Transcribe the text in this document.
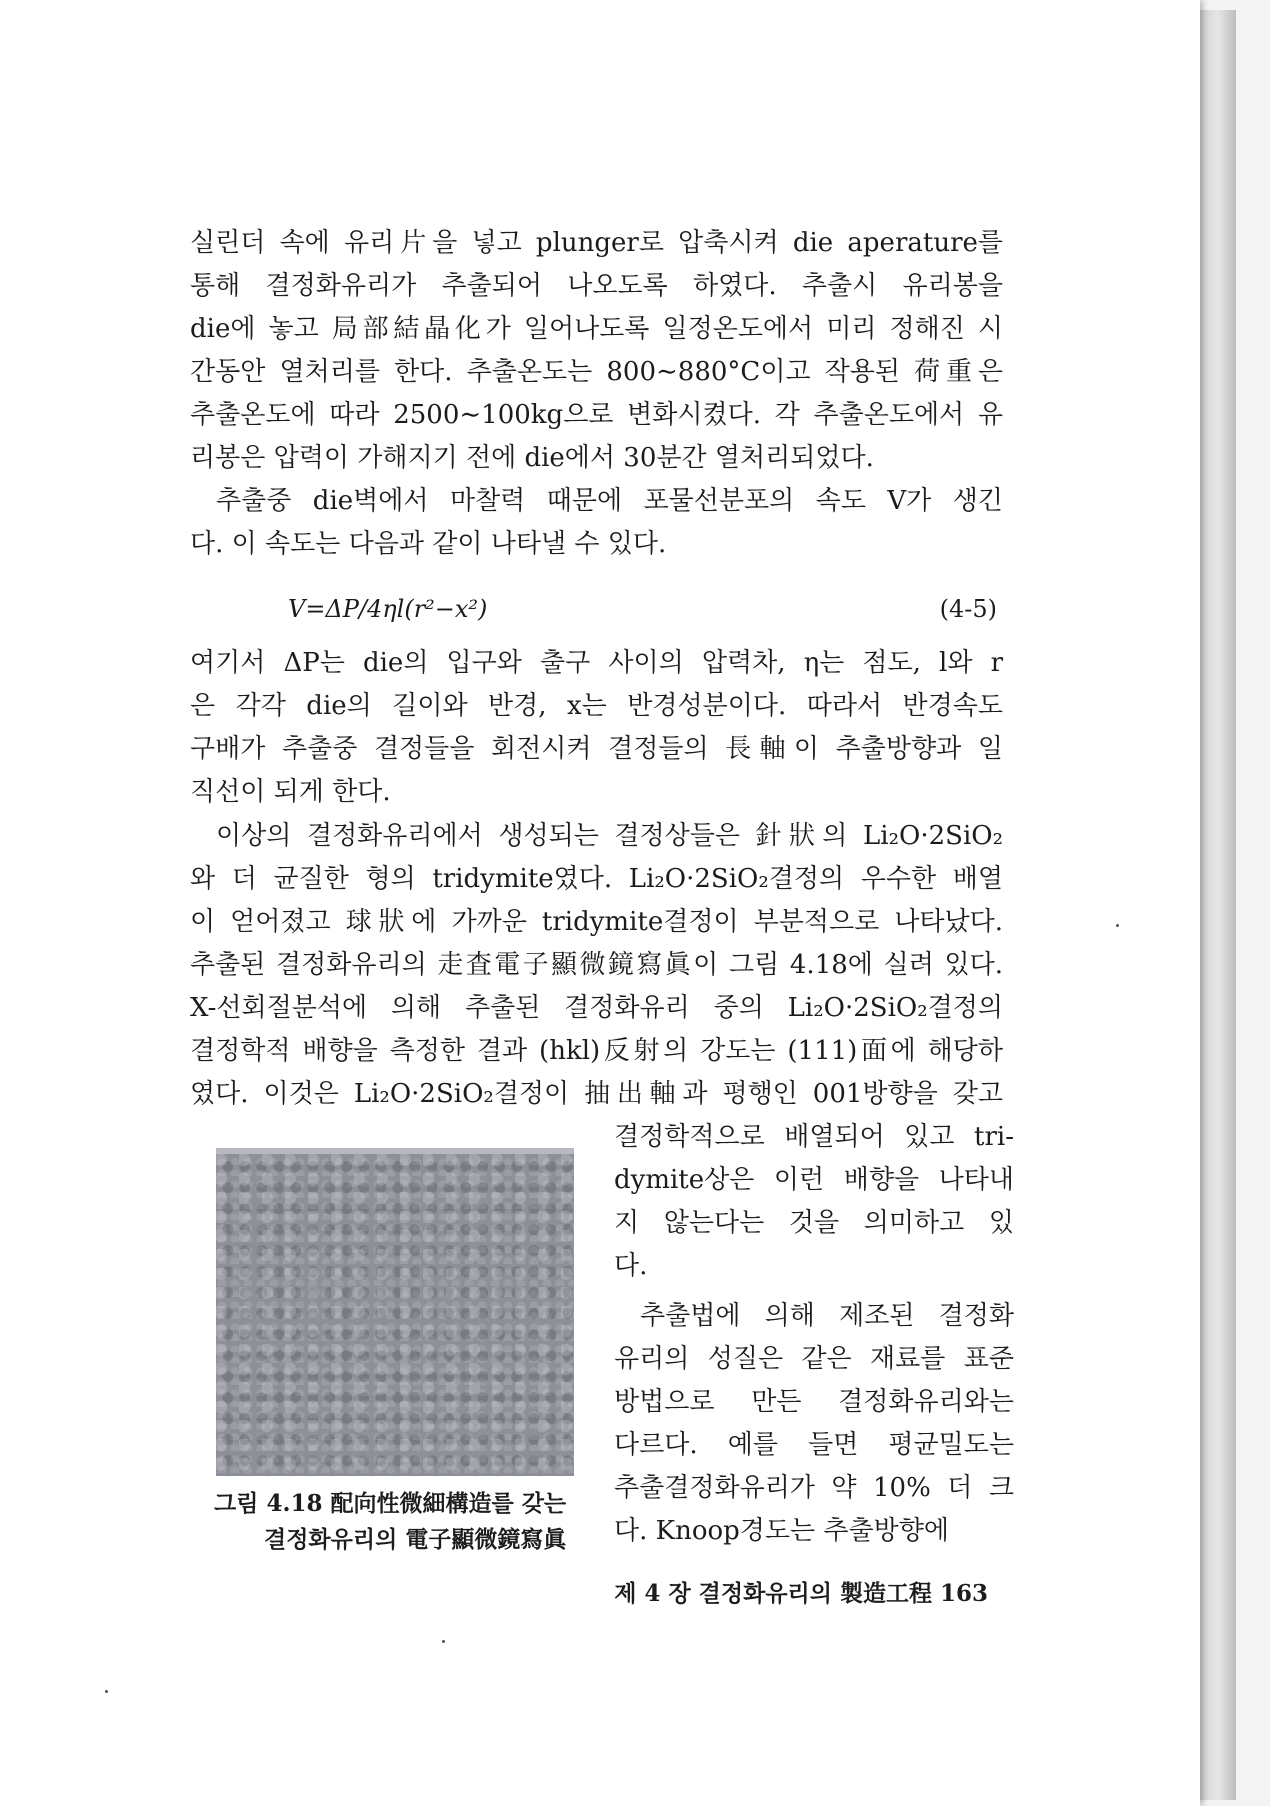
실린더 속에 유리片을 넣고 plunger로 압축시켜 die aperature를
통해 결정화유리가 추출되어 나오도록 하였다. 추출시 유리봉을
die에 놓고 局部結晶化가 일어나도록 일정온도에서 미리 정해진 시
간동안 열처리를 한다. 추출온도는 800∼880°C이고 작용된 荷重은
추출온도에 따라 2500∼100kg으로 변화시켰다. 각 추출온도에서 유
리봉은 압력이 가해지기 전에 die에서 30분간 열처리되었다.
추출중 die벽에서 마찰력 때문에 포물선분포의 속도 V가 생긴
다. 이 속도는 다음과 같이 나타낼 수 있다.
V=ΔP/4ηl(r²−x²)	(4-5)
여기서 ΔP는 die의 입구와 출구 사이의 압력차, η는 점도, l와 r
은 각각 die의 길이와 반경, x는 반경성분이다. 따라서 반경속도
구배가 추출중 결정들을 회전시켜 결정들의 長軸이 추출방향과 일
직선이 되게 한다.
이상의 결정화유리에서 생성되는 결정상들은 針狀의 Li₂O·2SiO₂
와 더 균질한 형의 tridymite였다. Li₂O·2SiO₂결정의 우수한 배열
이 얻어졌고 球狀에 가까운 tridymite결정이 부분적으로 나타났다.
추출된 결정화유리의 走査電子顯微鏡寫眞이 그림 4.18에 실려 있다.
X-선회절분석에 의해 추출된 결정화유리 중의 Li₂O·2SiO₂결정의
결정학적 배향을 측정한 결과 (hkl)反射의 강도는 (111)面에 해당하
였다. 이것은 Li₂O·2SiO₂결정이 抽出軸과 평행인 001방향을 갖고
결정학적으로 배열되어 있고 tri-
dymite상은 이런 배향을 나타내
지 않는다는 것을 의미하고 있
다.
추출법에 의해 제조된 결정화
유리의 성질은 같은 재료를 표준
방법으로 만든 결정화유리와는
다르다. 예를 들면 평균밀도는
추출결정화유리가 약 10% 더 크
다. Knoop경도는 추출방향에
그림 4.18 配向性微細構造를 갖는
결정화유리의 電子顯微鏡寫眞
제 4 장 결정화유리의 製造工程 163
